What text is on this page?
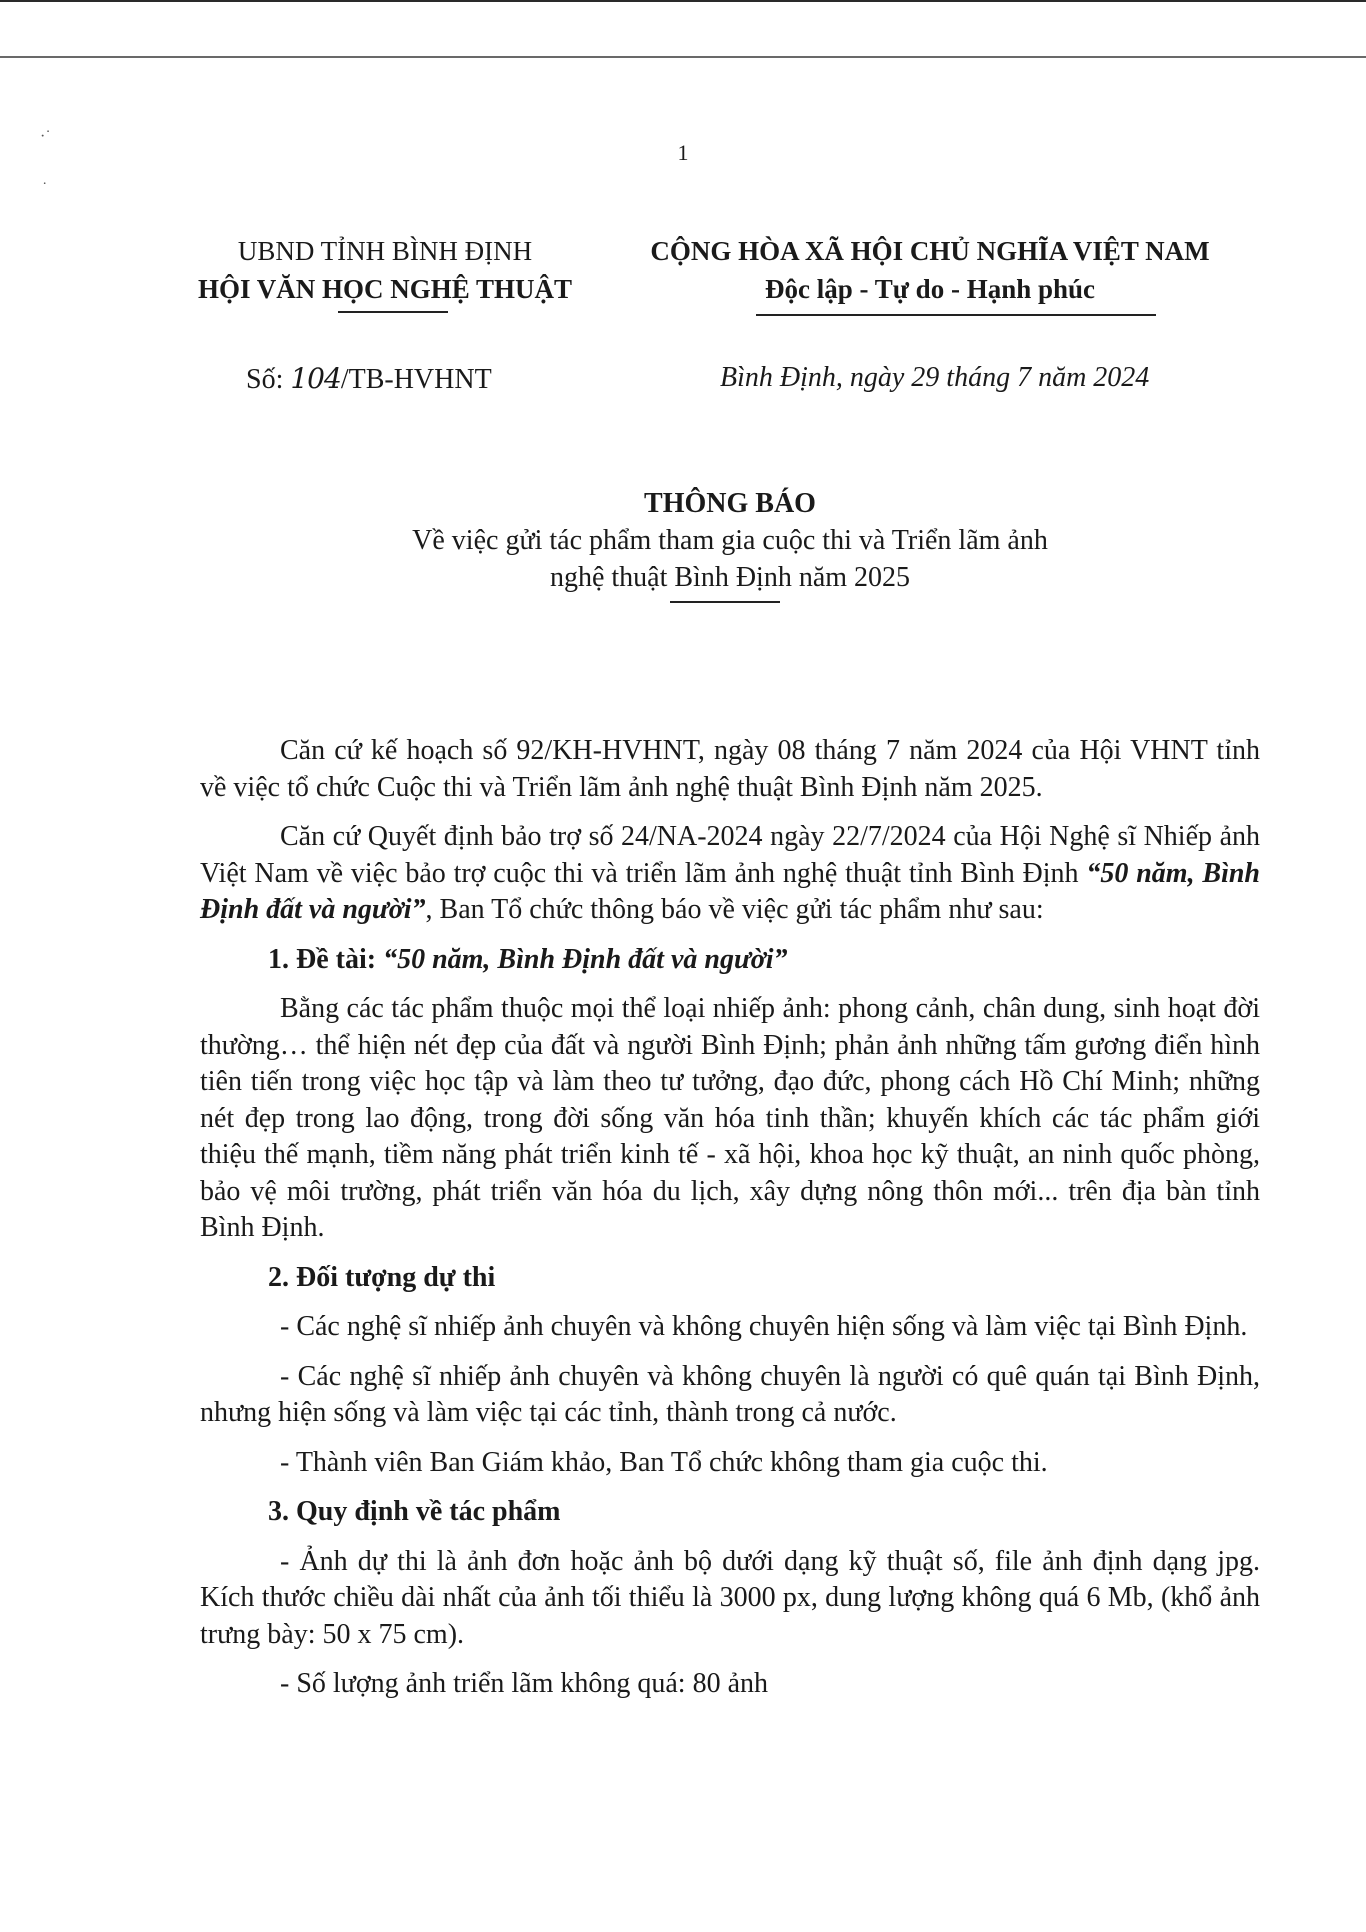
·˙
˙
1
UBND TỈNH BÌNH ĐỊNH
HỘI VĂN HỌC NGHỆ THUẬT
CỘNG HÒA XÃ HỘI CHỦ NGHĨA VIỆT NAM
Độc lập - Tự do - Hạnh phúc
Số: 104/TB-HVHNT	Bình Định, ngày 29 tháng 7 năm 2024
THÔNG BÁO
Về việc gửi tác phẩm tham gia cuộc thi và Triển lãm ảnh
nghệ thuật Bình Định năm 2025

Căn cứ kế hoạch số 92/KH-HVHNT, ngày 08 tháng 7 năm 2024 của Hội VHNT tỉnh về việc tổ chức Cuộc thi và Triển lãm ảnh nghệ thuật Bình Định năm 2025.

Căn cứ Quyết định bảo trợ số 24/NA-2024 ngày 22/7/2024 của Hội Nghệ sĩ Nhiếp ảnh Việt Nam về việc bảo trợ cuộc thi và triển lãm ảnh nghệ thuật tỉnh Bình Định “50 năm, Bình Định đất và người”, Ban Tổ chức thông báo về việc gửi tác phẩm như sau:

1. Đề tài: “50 năm, Bình Định đất và người”

Bằng các tác phẩm thuộc mọi thể loại nhiếp ảnh: phong cảnh, chân dung, sinh hoạt đời thường… thể hiện nét đẹp của đất và người Bình Định; phản ảnh những tấm gương điển hình tiên tiến trong việc học tập và làm theo tư tưởng, đạo đức, phong cách Hồ Chí Minh; những nét đẹp trong lao động, trong đời sống văn hóa tinh thần; khuyến khích các tác phẩm giới thiệu thế mạnh, tiềm năng phát triển kinh tế - xã hội, khoa học kỹ thuật, an ninh quốc phòng, bảo vệ môi trường, phát triển văn hóa du lịch, xây dựng nông thôn mới... trên địa bàn tỉnh Bình Định.

2. Đối tượng dự thi

- Các nghệ sĩ nhiếp ảnh chuyên và không chuyên hiện sống và làm việc tại Bình Định.

- Các nghệ sĩ nhiếp ảnh chuyên và không chuyên là người có quê quán tại Bình Định, nhưng hiện sống và làm việc tại các tỉnh, thành trong cả nước.

- Thành viên Ban Giám khảo, Ban Tổ chức không tham gia cuộc thi.

3. Quy định về tác phẩm

- Ảnh dự thi là ảnh đơn hoặc ảnh bộ dưới dạng kỹ thuật số, file ảnh định dạng jpg. Kích thước chiều dài nhất của ảnh tối thiểu là 3000 px, dung lượng không quá 6 Mb, (khổ ảnh trưng bày: 50 x 75 cm).

- Số lượng ảnh triển lãm không quá: 80 ảnh
